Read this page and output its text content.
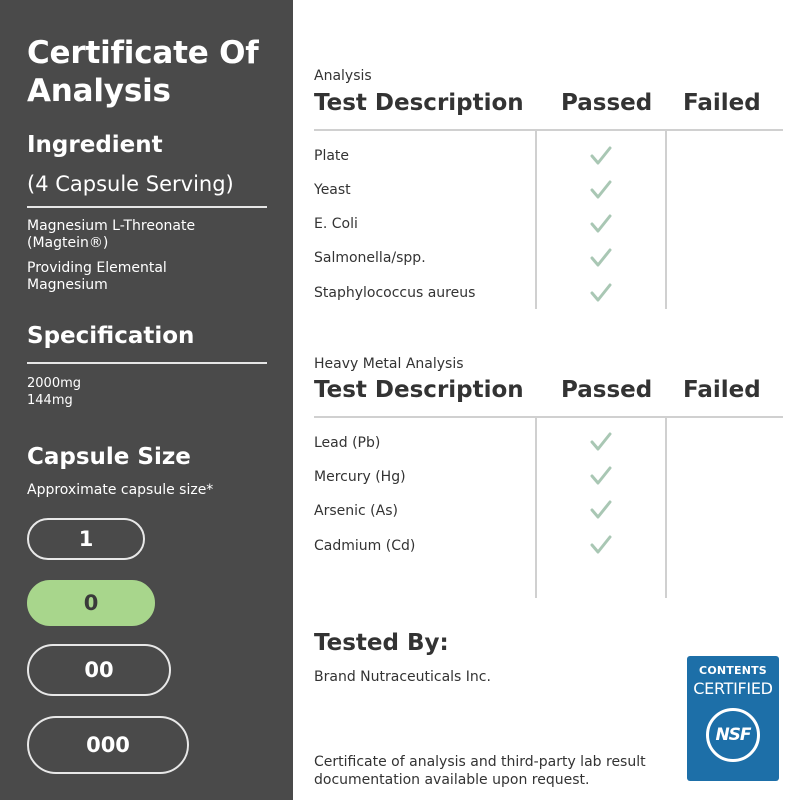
Certificate Of Analysis
Ingredient
(4 Capsule Serving)
Magnesium L-Threonate (Magtein®)
Providing Elemental Magnesium
Specification
2000mg
144mg
Capsule Size
Approximate capsule size*
1
0
00
000
Analysis
Test Description Passed Failed
Plate
Yeast
E. Coli
Salmonella/spp.
Staphylococcus aureus
Heavy Metal Analysis
Test Description Passed Failed
Lead (Pb)
Mercury (Hg)
Arsenic (As)
Cadmium (Cd)
Tested By:
Brand Nutraceuticals Inc.
Certificate of analysis and third-party lab result documentation available upon request.
CONTENTS
CERTIFIED
NSF
